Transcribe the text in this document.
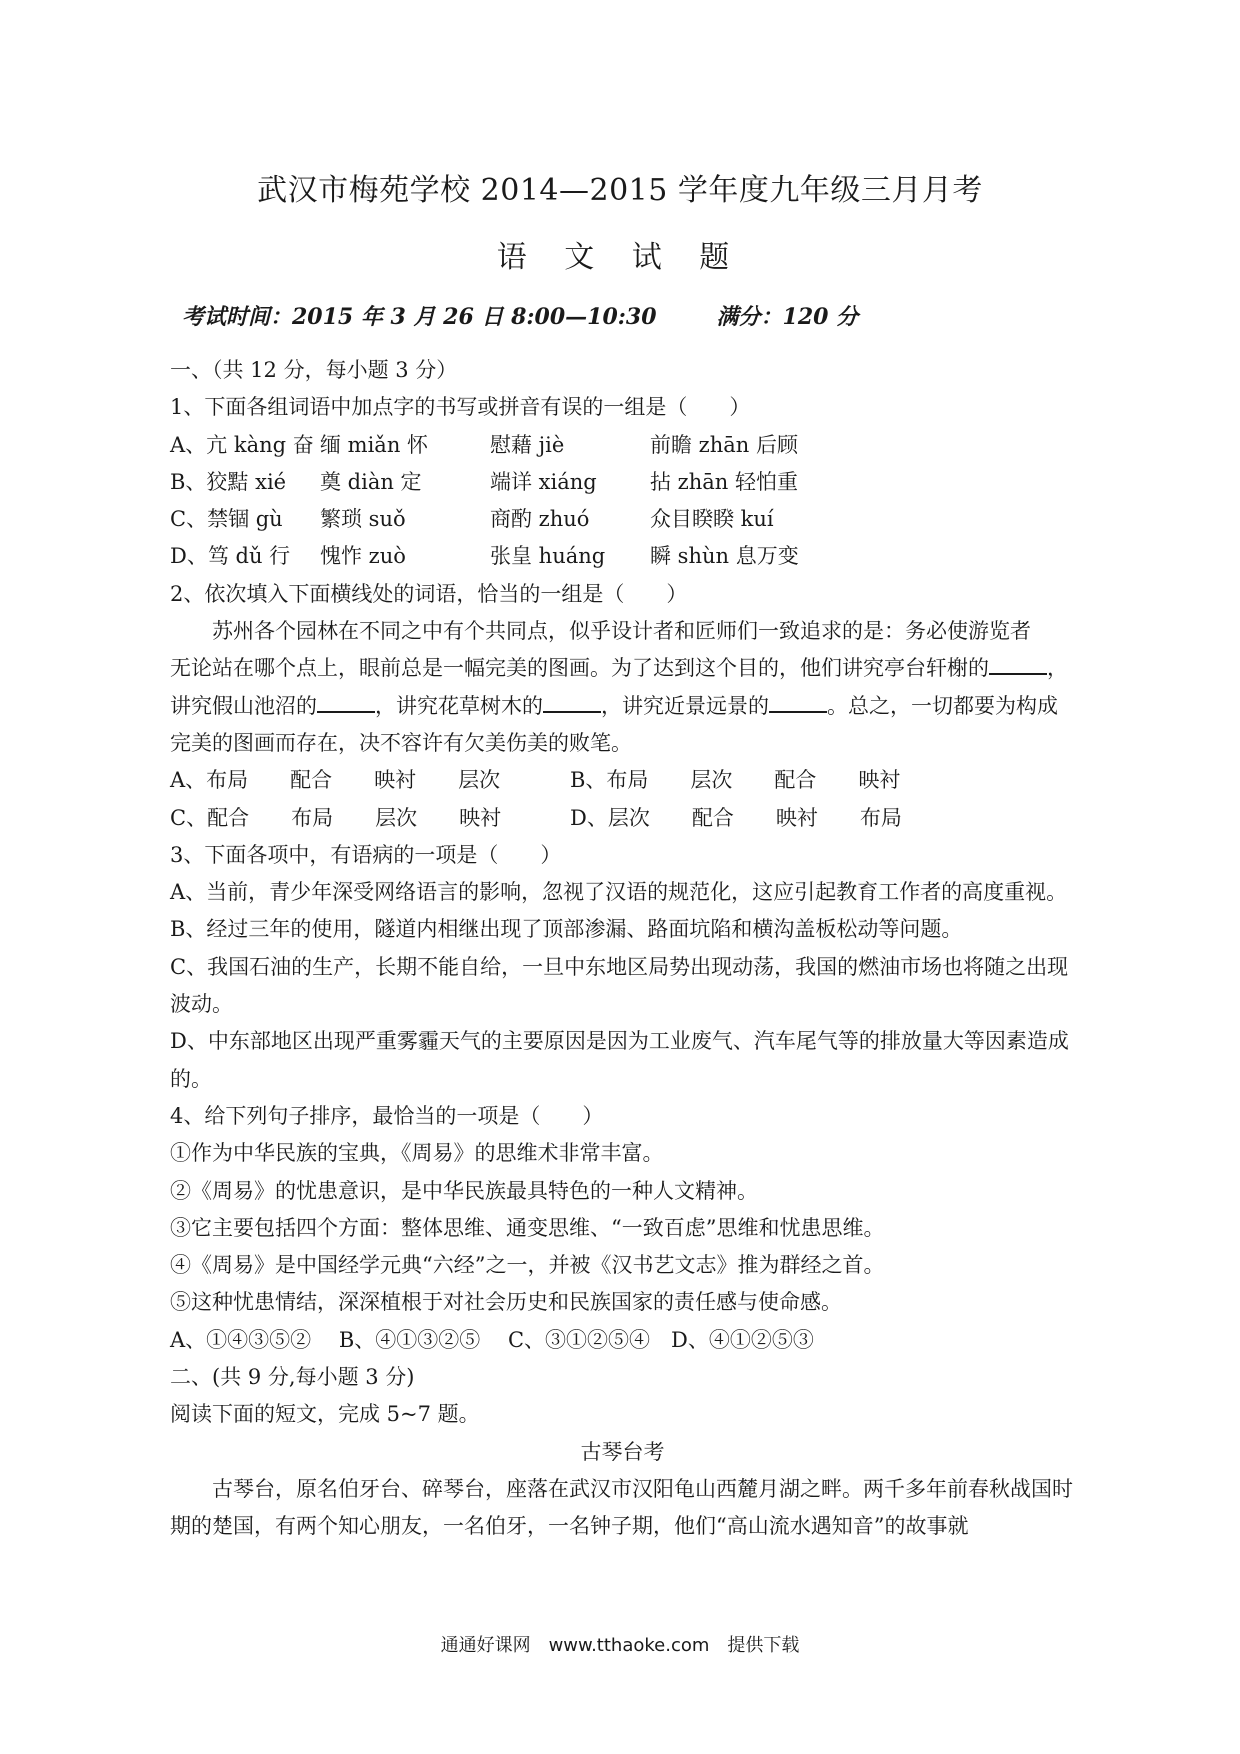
武汉市梅苑学校 2014—2015 学年度九年级三月月考
语 文 试 题
考试时间：2015 年 3 月 26 日 8:00—10:30	满分：120 分
一、（共 12 分，每小题 3 分）
1、下面各组词语中加点字的书写或拼音有误的一组是（　　）
A、亢 kàng 奋 缅 miǎn 怀	慰藉 jiè	前瞻 zhān 后顾
B、狡黠 xié	奠 diàn 定	端详 xiáng	拈 zhān 轻怕重
C、禁锢 gù	繁琐 suǒ	商酌 zhuó	众目睽睽 kuí
D、笃 dǔ 行	愧怍 zuò	张皇 huáng	瞬 shùn 息万变
2、依次填入下面横线处的词语，恰当的一组是（　　）
苏州各个园林在不同之中有个共同点，似乎设计者和匠师们一致追求的是：务必使游览者
无论站在哪个点上，眼前总是一幅完美的图画。为了达到这个目的，他们讲究亭台轩榭的	，
讲究假山池沼的	，讲究花草树木的	，讲究近景远景的	。总之，一切都要为构成
完美的图画而存在，决不容许有欠美伤美的败笔。
A、布局　　配合　　映衬　　层次	B、布局　　层次　　配合　　映衬
C、配合　　布局　　层次　　映衬	D、层次　　配合　　映衬　　布局
3、下面各项中，有语病的一项是（　　）
A、当前，青少年深受网络语言的影响，忽视了汉语的规范化，这应引起教育工作者的高度重视。
B、经过三年的使用，隧道内相继出现了顶部渗漏、路面坑陷和横沟盖板松动等问题。
C、我国石油的生产，长期不能自给，一旦中东地区局势出现动荡，我国的燃油市场也将随之出现波动。
D、中东部地区出现严重雾霾天气的主要原因是因为工业废气、汽车尾气等的排放量大等因素造成的。
4、给下列句子排序，最恰当的一项是（　　）
①作为中华民族的宝典，《周易》的思维术非常丰富。
②《周易》的忧患意识，是中华民族最具特色的一种人文精神。
③它主要包括四个方面：整体思维、通变思维、“一致百虑”思维和忧患思维。
④《周易》是中国经学元典“六经”之一，并被《汉书艺文志》推为群经之首。
⑤这种忧患情结，深深植根于对社会历史和民族国家的责任感与使命感。
A、①④③⑤②　 B、④①③②⑤　 C、③①②⑤④　D、④①②⑤③
二、(共 9 分,每小题 3 分)
阅读下面的短文，完成 5~7 题。
古琴台考
古琴台，原名伯牙台、碎琴台，座落在武汉市汉阳龟山西麓月湖之畔。两千多年前春秋战国时期的楚国，有两个知心朋友，一名伯牙，一名钟子期，他们“高山流水遇知音”的故事就
通通好课网　www.tthaoke.com　提供下载
